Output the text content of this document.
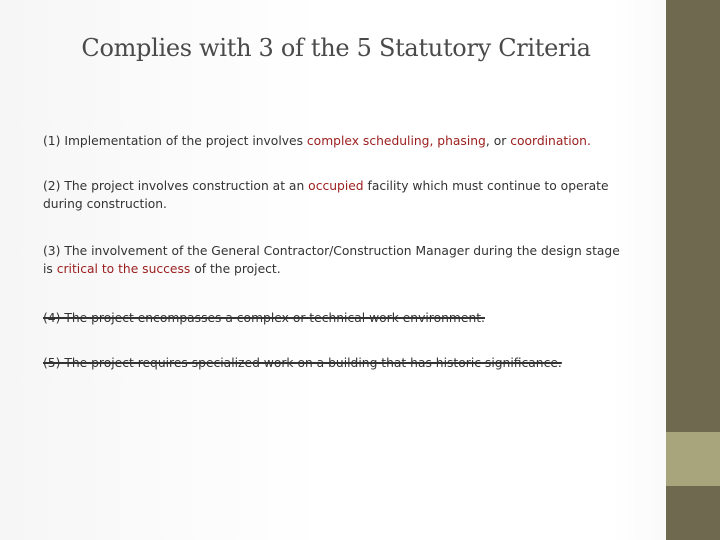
Complies with 3 of the 5 Statutory Criteria
(1) Implementation of the project involves complex scheduling, phasing, or coordination.
(2) The project involves construction at an occupied facility which must continue to operate during construction.
(3) The involvement of the General Contractor/Construction Manager during the design stage is critical to the success of the project.
(4) The project encompasses a complex or technical work environment.
(5) The project requires specialized work on a building that has historic significance.
